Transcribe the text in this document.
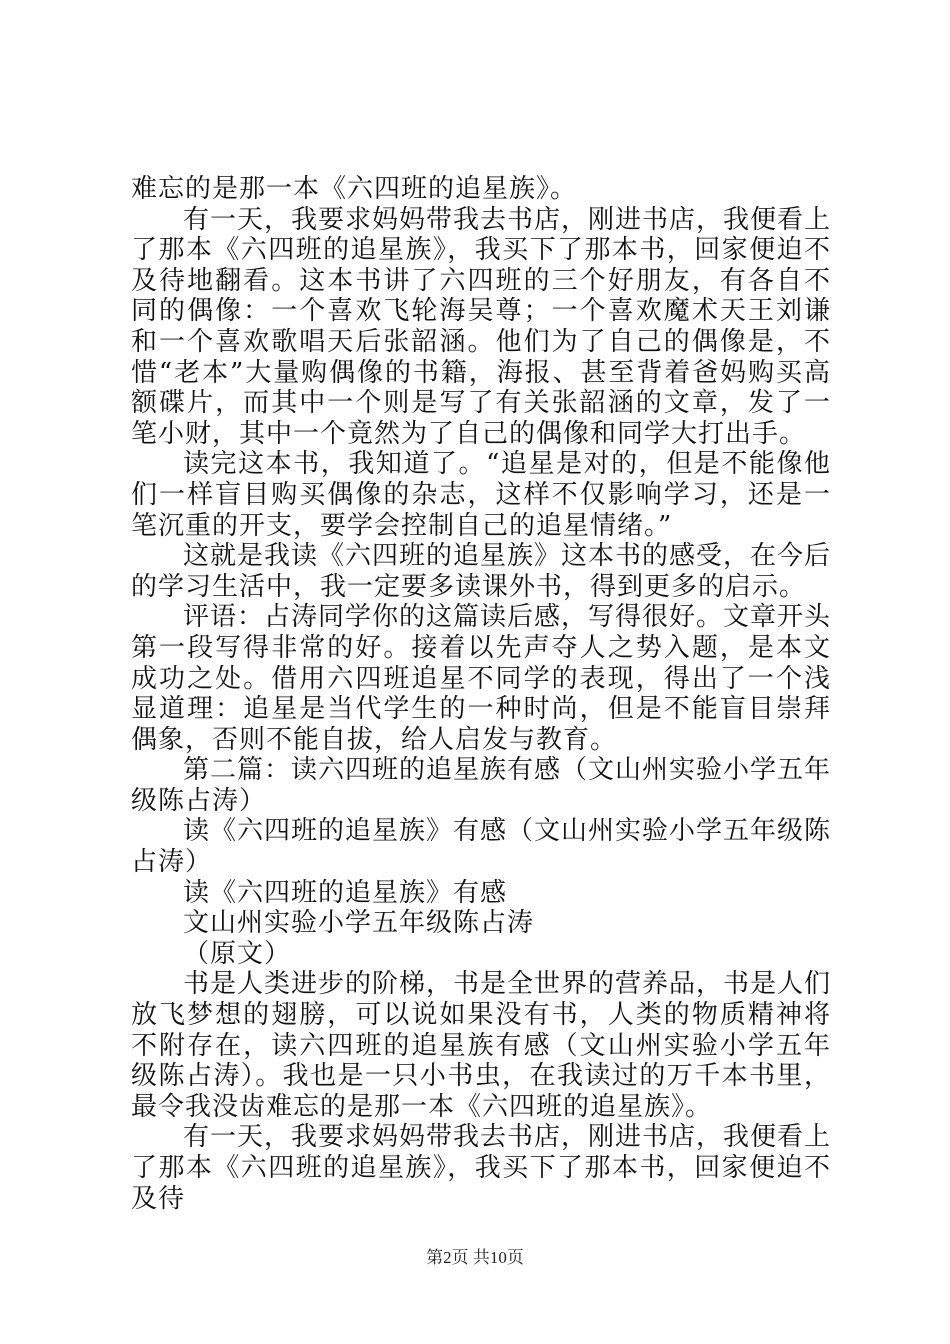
难忘的是那一本《六四班的追星族》。

有一天，我要求妈妈带我去书店，刚进书店，我便看上了那本《六四班的追星族》，我买下了那本书，回家便迫不及待地翻看。这本书讲了六四班的三个好朋友，有各自不同的偶像：一个喜欢飞轮海吴尊；一个喜欢魔术天王刘谦和一个喜欢歌唱天后张韶涵。他们为了自己的偶像是，不惜“老本”大量购偶像的书籍，海报、甚至背着爸妈购买高额碟片，而其中一个则是写了有关张韶涵的文章，发了一笔小财，其中一个竟然为了自己的偶像和同学大打出手。

读完这本书，我知道了。“追星是对的，但是不能像他们一样盲目购买偶像的杂志，这样不仅影响学习，还是一笔沉重的开支，要学会控制自己的追星情绪。”

这就是我读《六四班的追星族》这本书的感受，在今后的学习生活中，我一定要多读课外书，得到更多的启示。

评语：占涛同学你的这篇读后感，写得很好。文章开头第一段写得非常的好。接着以先声夺人之势入题，是本文成功之处。借用六四班追星不同学的表现，得出了一个浅显道理：追星是当代学生的一种时尚，但是不能盲目崇拜偶象，否则不能自拔，给人启发与教育。

第二篇：读六四班的追星族有感（文山州实验小学五年级陈占涛）

读《六四班的追星族》有感（文山州实验小学五年级陈占涛）

读《六四班的追星族》有感

文山州实验小学五年级陈占涛

（原文）

书是人类进步的阶梯，书是全世界的营养品，书是人们放飞梦想的翅膀，可以说如果没有书，人类的物质精神将不附存在，读六四班的追星族有感（文山州实验小学五年级陈占涛）。我也是一只小书虫，在我读过的万千本书里，最令我没齿难忘的是那一本《六四班的追星族》。

有一天，我要求妈妈带我去书店，刚进书店，我便看上了那本《六四班的追星族》，我买下了那本书，回家便迫不及待

第2页 共10页
